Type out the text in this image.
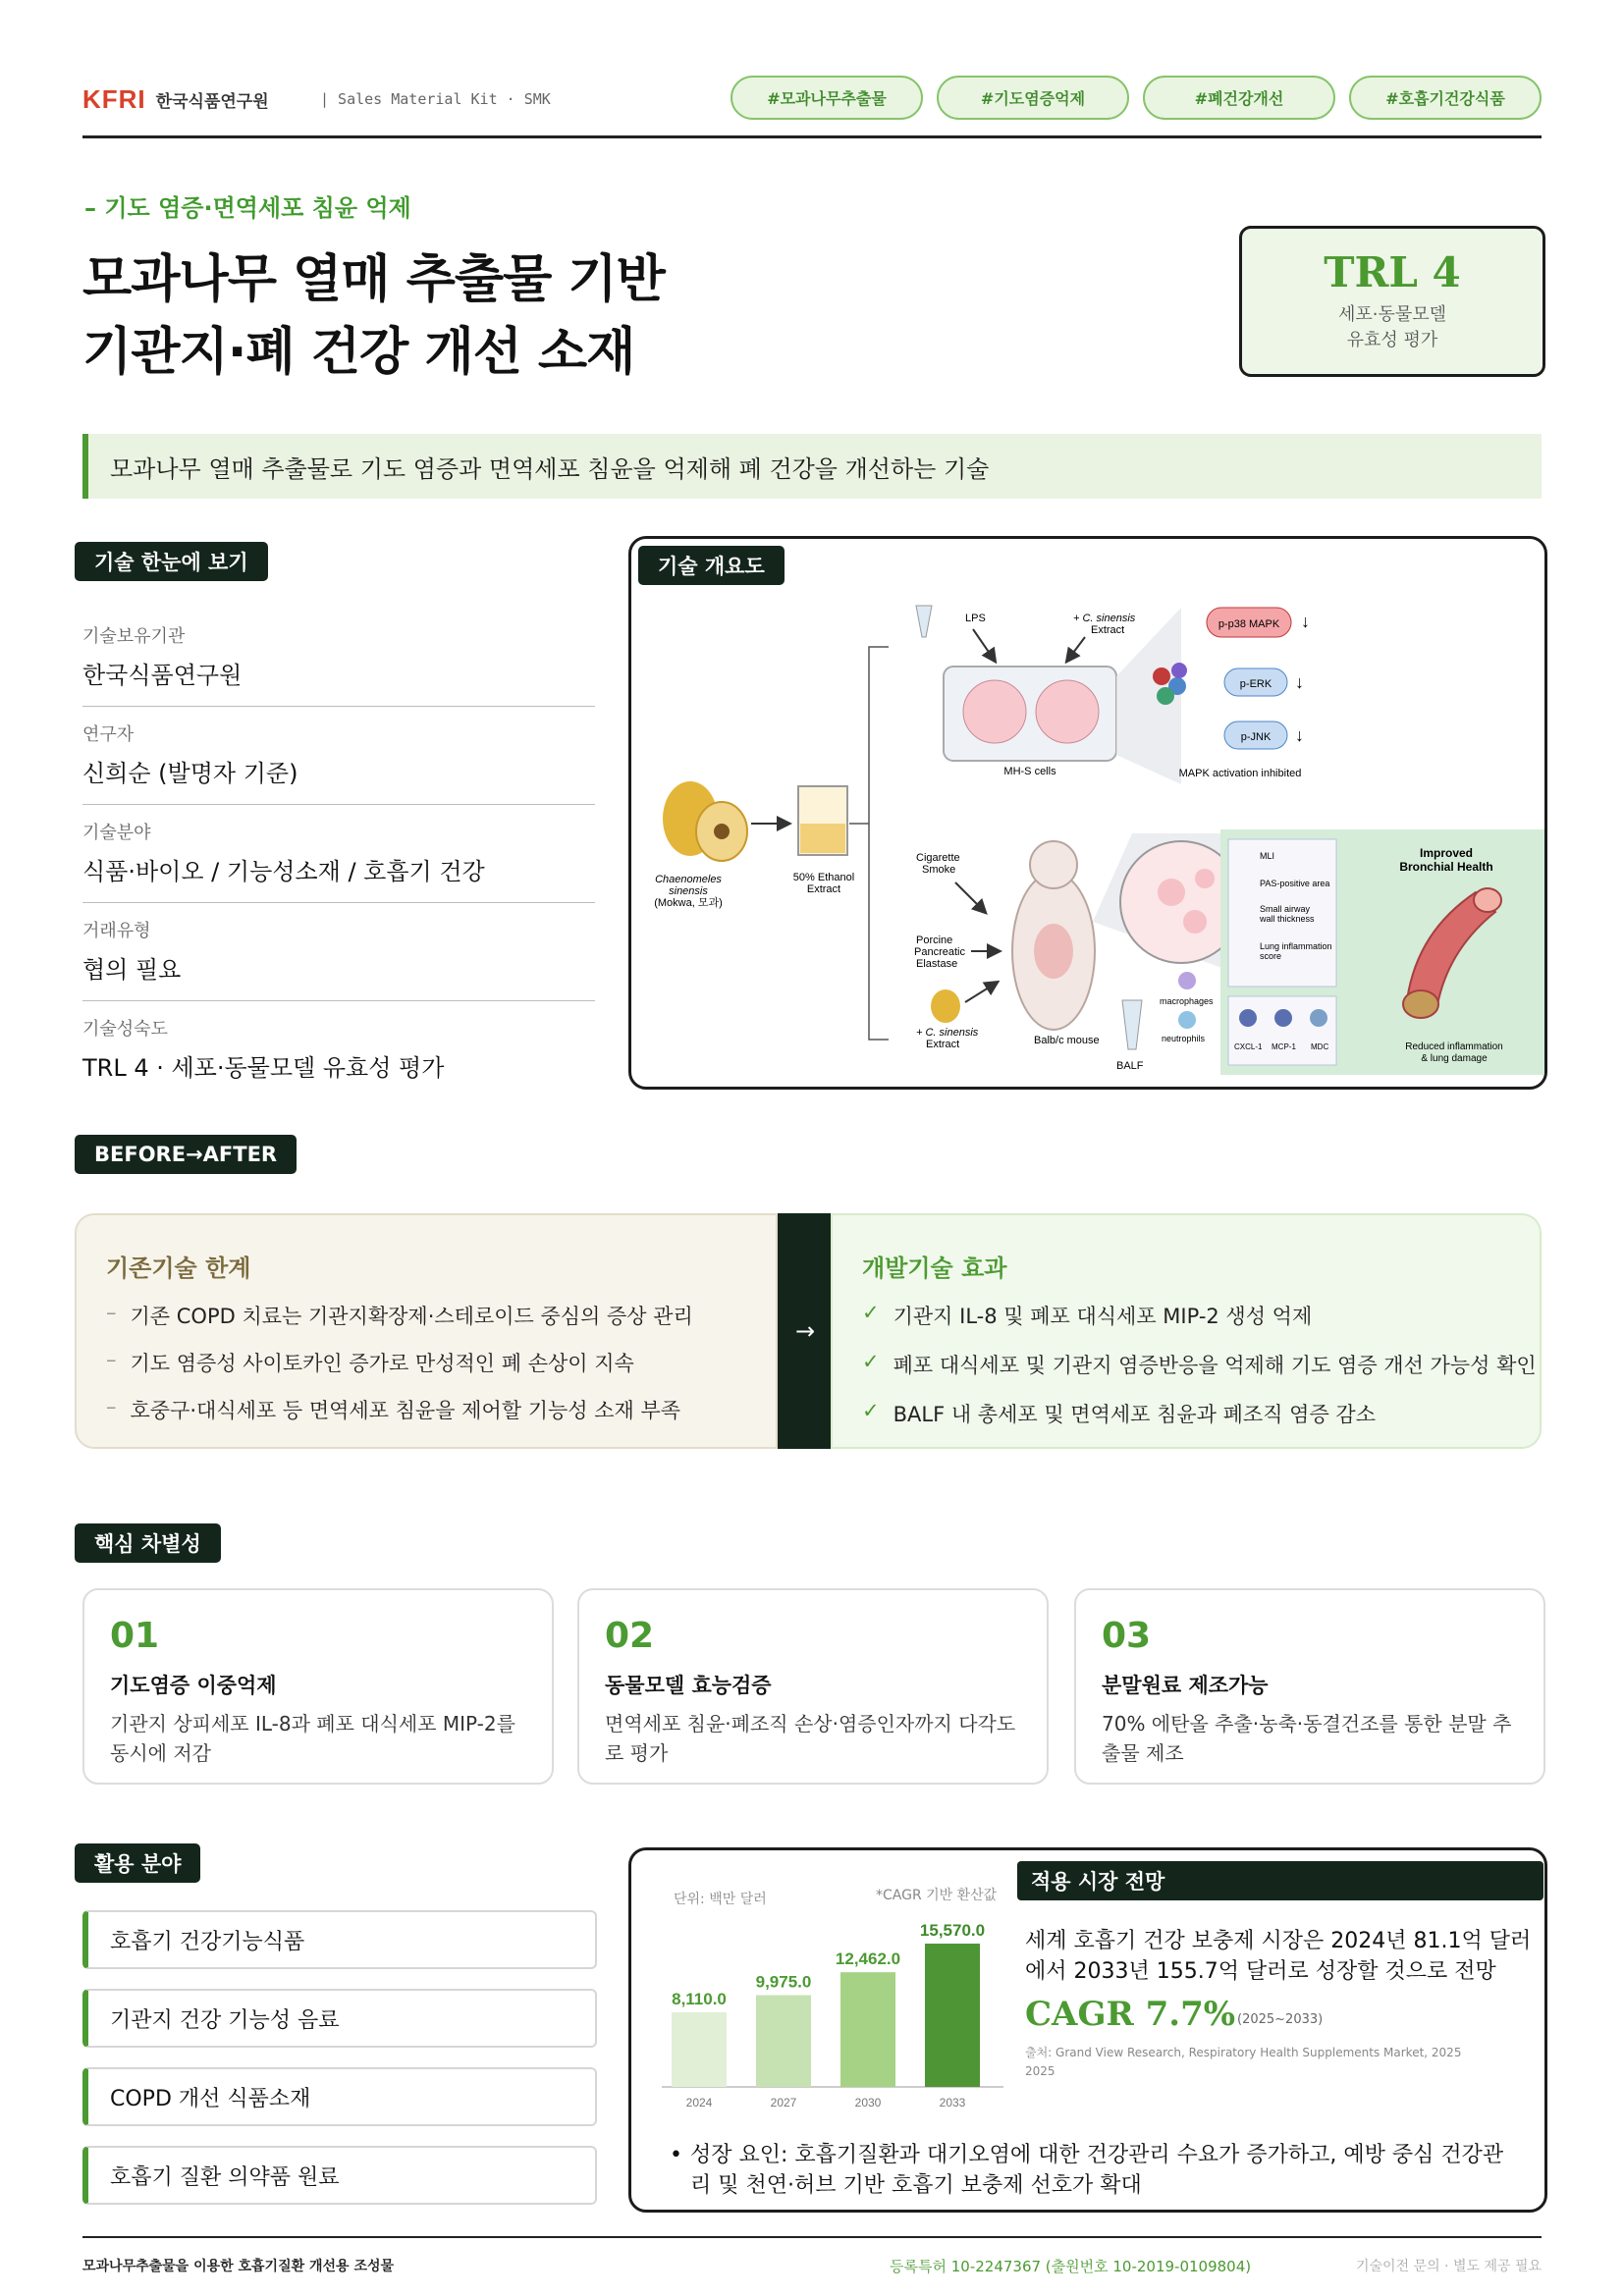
KFRI 한국식품연구원	| Sales Material Kit · SMK	#모과나무추출물	#기도염증억제	#폐건강개선	#호흡기건강식품
– 기도 염증·면역세포 침윤 억제
모과나무 열매 추출물 기반
기관지·폐 건강 개선 소재
TRL 4
세포·동물모델
유효성 평가
모과나무 열매 추출물로 기도 염증과 면역세포 침윤을 억제해 폐 건강을 개선하는 기술
기술 한눈에 보기
기술보유기관
한국식품연구원
연구자
신희순 (발명자 기준)
기술분야
식품·바이오 / 기능성소재 / 호흡기 건강
거래유형
협의 필요
기술성숙도
TRL 4 · 세포·동물모델 유효성 평가
Chaenomeles
sinensis
(Mokwa, 모과)
50% Ethanol
Extract
LPS	+ C. sinensis
Extract
MH-S cells
p-p38 MAPK
p-ERK
p-JNK
↓
↓
↓
MAPK activation inhibited
Cigarette
Smoke
Porcine
Pancreatic
Elastase
+ C. sinensis
Extract	Balb/c mouse
BALF
macrophages
neutrophils
MLI
PAS-positive area
Small airway
wall thickness
Lung inflammation
score
CXCL-1 MCP-1 MDC
Improved
Bronchial Health
Reduced inflammation
& lung damage
기술 개요도
BEFORE→AFTER
기존기술 한계
– 기존 COPD 치료는 기관지확장제·스테로이드 중심의 증상 관리
– 기도 염증성 사이토카인 증가로 만성적인 폐 손상이 지속
– 호중구·대식세포 등 면역세포 침윤을 제어할 기능성 소재 부족
→
개발기술 효과
✓ 기관지 IL-8 및 폐포 대식세포 MIP-2 생성 억제
✓ 폐포 대식세포 및 기관지 염증반응을 억제해 기도 염증 개선 가능성 확인
✓ BALF 내 총세포 및 면역세포 침윤과 폐조직 염증 감소
핵심 차별성
01
기도염증 이중억제
기관지 상피세포 IL-8과 폐포 대식세포 MIP-2를 동시에 저감
02
동물모델 효능검증
면역세포 침윤·폐조직 손상·염증인자까지 다각도로 평가
03
분말원료 제조가능
70% 에탄올 추출·농축·동결건조를 통한 분말 추출물 제조
활용 분야
호흡기 건강기능식품
기관지 건강 기능성 음료
COPD 개선 식품소재
호흡기 질환 의약품 원료
단위: 백만 달러	*CAGR 기반 환산값
8,110.0
2024
9,975.0
2027
12,462.0
2030
15,570.0
2033
적용 시장 전망
세계 호흡기 건강 보충제 시장은 2024년 81.1억 달러에서 2033년 155.7억 달러로 성장할 것으로 전망
CAGR 7.7% (2025~2033)
출처: Grand View Research, Respiratory Health Supplements Market, 2025
2025
• 성장 요인: 호흡기질환과 대기오염에 대한 건강관리 수요가 증가하고, 예방 중심 건강관리 및 천연·허브 기반 호흡기 보충제 선호가 확대
모과나무추출물을 이용한 호흡기질환 개선용 조성물	등록특허 10-2247367 (출원번호 10-2019-0109804)	기술이전 문의 · 별도 제공 필요
